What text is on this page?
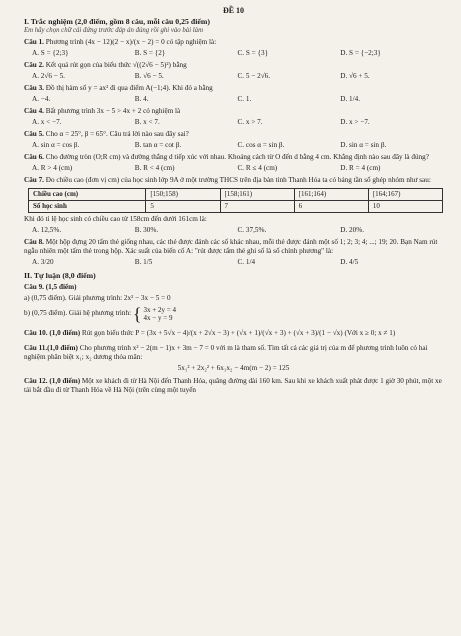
ĐỀ 10
I. Trắc nghiệm (2,0 điểm, gồm 8 câu, mỗi câu 0,25 điểm)
Em hãy chọn chữ cái đứng trước đáp án đúng rồi ghi vào bài làm
Câu 1. Phương trình (4x − 12)(2 − x)/(x − 2) = 0 có tập nghiệm là:
A. S = {2;3}	B. S = {2}	C. S = {3}	D. S = {−2;3}
Câu 2. Kết quả rút gọn của biểu thức √((2√6 − 5)²) bằng
A. 2√6 − 5.	B. √6 − 5.	C. 5 − 2√6.	D. √6 + 5.
Câu 3. Đồ thị hàm số y = ax² đi qua điểm A(−1;4). Khi đó a bằng
A. −4.	B. 4.	C. 1.	D. 1/4.
Câu 4. Bất phương trình 3x − 5 > 4x + 2 có nghiệm là
A. x < −7.	B. x < 7.	C. x > 7.	D. x > −7.
Câu 5. Cho α = 25°, β = 65°. Câu trả lời nào sau đây sai?
A. sin α = cos β.	B. tan α = cot β.	C. cos α = sin β.	D. sin α = sin β.
Câu 6. Cho đường tròn (O;R cm) và đường thẳng d tiếp xúc với nhau. Khoảng cách từ O đến d bằng 4 cm. Khẳng định nào sau đây là đúng?
A. R > 4 (cm)	B. R < 4 (cm)	C. R ≤ 4 (cm)	D. R = 4 (cm)
Câu 7. Đo chiều cao (đơn vị cm) của học sinh lớp 9A ở một trường THCS trên địa bàn tỉnh Thanh Hóa ta có bảng tần số ghép nhóm như sau:
Chiều cao (cm)	[150;158)	[158;161)	[161;164)	[164;167)
Số học sinh	5	7	6	10
Khi đó tỉ lệ học sinh có chiều cao từ 158cm đến dưới 161cm là:
A. 12,5%.	B. 30%.	C. 37,5%.	D. 20%.
Câu 8. Một hộp đựng 20 tấm thẻ giống nhau, các thẻ được đánh các số khác nhau, mỗi thẻ được đánh một số 1; 2; 3; 4; ...; 19; 20. Bạn Nam rút ngẫu nhiên một tấm thẻ trong hộp. Xác suất của biến cố A: "rút được tấm thẻ ghi số là số chính phương" là:
A. 3/20	B. 1/5	C. 1/4	D. 4/5
II. Tự luận (8,0 điểm)
Câu 9. (1,5 điểm)
a) (0,75 điểm). Giải phương trình: 2x² − 3x − 5 = 0
b) (0,75 điểm). Giải hệ phương trình:
{ 3x + 2y = 4
4x − y = 9
Câu 10. (1,0 điểm) Rút gọn biểu thức P = (3x + 5√x − 4)/(x + 2√x − 3) + (√x + 1)/(√x + 3) + (√x + 3)/(1 − √x) (Với x ≥ 0; x ≠ 1)
Câu 11.(1,0 điểm) Cho phương trình x² − 2(m − 1)x + 3m − 7 = 0 với m là tham số. Tìm tất cả các giá trị của m để phương trình luôn có hai nghiệm phân biệt x₁; x₂ dương thỏa mãn:
5x₁² + 2x₂² + 6x₁x₂ − 4m(m − 2) = 125
Câu 12. (1,0 điểm) Một xe khách đi từ Hà Nội đến Thanh Hóa, quãng đường dài 160 km. Sau khi xe khách xuất phát được 1 giờ 30 phút, một xe tải bắt đầu đi từ Thanh Hóa về Hà Nội (trên cùng một tuyến
